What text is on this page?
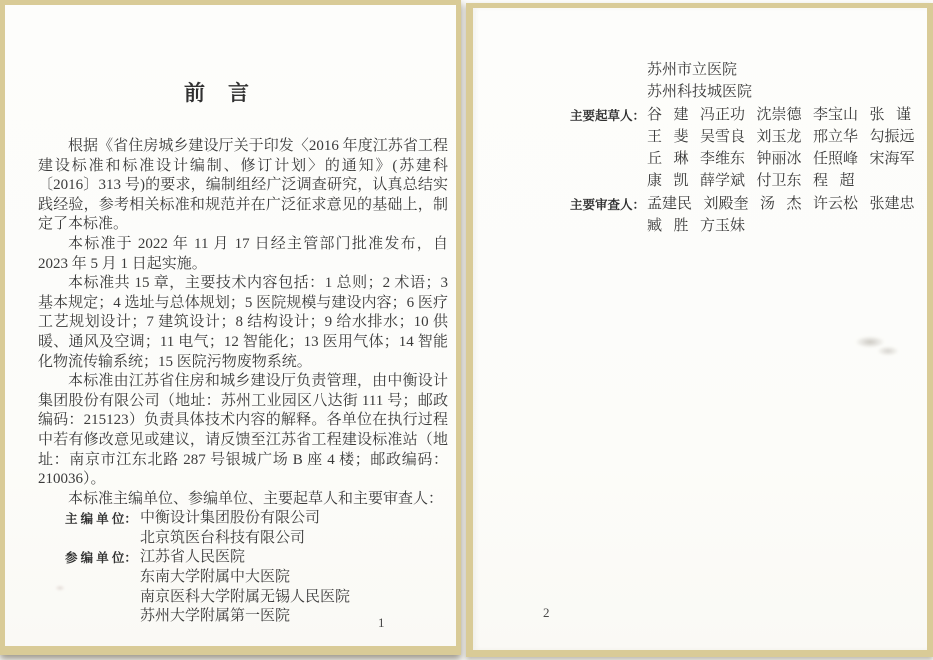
前　言

根据《省住房城乡建设厅关于印发〈2016 年度江苏省工程建设标准和标准设计编制、修订计划〉的通知》(苏建科〔2016〕313 号)的要求，编制组经广泛调查研究，认真总结实践经验，参考相关标准和规范并在广泛征求意见的基础上，制定了本标准。

本标准于 2022 年 11 月 17 日经主管部门批准发布，自 2023 年 5 月 1 日起实施。

本标准共 15 章，主要技术内容包括：1 总则；2 术语；3 基本规定；4 选址与总体规划；5 医院规模与建设内容；6 医疗工艺规划设计；7 建筑设计；8 结构设计；9 给水排水；10 供暖、通风及空调；11 电气；12 智能化；13 医用气体；14 智能化物流传输系统；15 医院污物废物系统。

本标准由江苏省住房和城乡建设厅负责管理，由中衡设计集团股份有限公司（地址：苏州工业园区八达街 111 号；邮政编码：215123）负责具体技术内容的解释。各单位在执行过程中若有修改意见或建议，请反馈至江苏省工程建设标准站（地址：南京市江东北路 287 号银城广场 B 座 4 楼；邮政编码：210036）。

本标准主编单位、参编单位、主要起草人和主要审查人：

主 编 单 位： 中衡设计集团股份有限公司
北京筑医台科技有限公司
参 编 单 位： 江苏省人民医院
东南大学附属中大医院
南京医科大学附属无锡人民医院
苏州大学附属第一医院	1
苏州市立医院
苏州科技城医院
主要起草人： 谷  建  冯正功  沈崇德  李宝山  张  谨
王  斐  吴雪良  刘玉龙  邢立华  勾振远
丘  琳  李维东  钟丽冰  任照峰  宋海军
康  凯  薛学斌  付卫东  程  超
主要审查人： 孟建民  刘殿奎  汤  杰  许云松  张建忠
臧  胜  方玉妹
2
